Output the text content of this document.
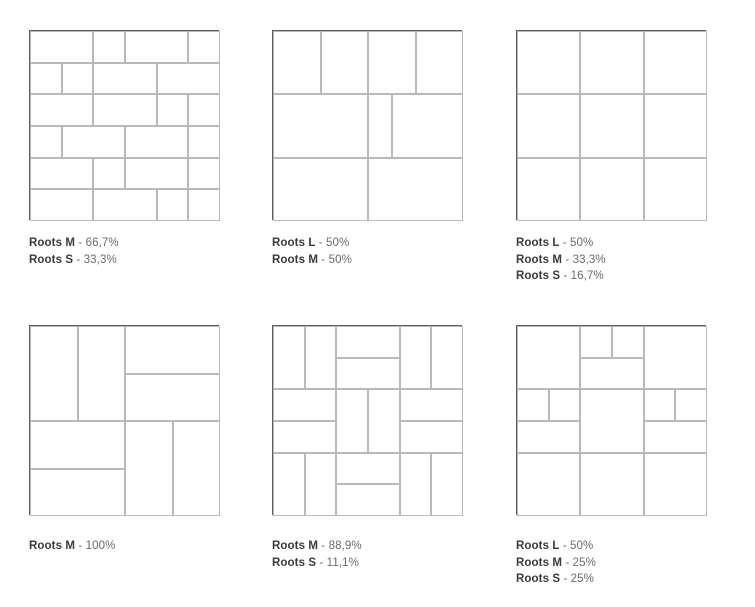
Roots M - 66,7%
Roots S - 33,3%
Roots L - 50%
Roots M - 50%
Roots L - 50%
Roots M - 33,3%
Roots S - 16,7%
Roots M - 100%	Roots M - 88,9%
Roots S - 11,1%
Roots L - 50%
Roots M - 25%
Roots S - 25%
